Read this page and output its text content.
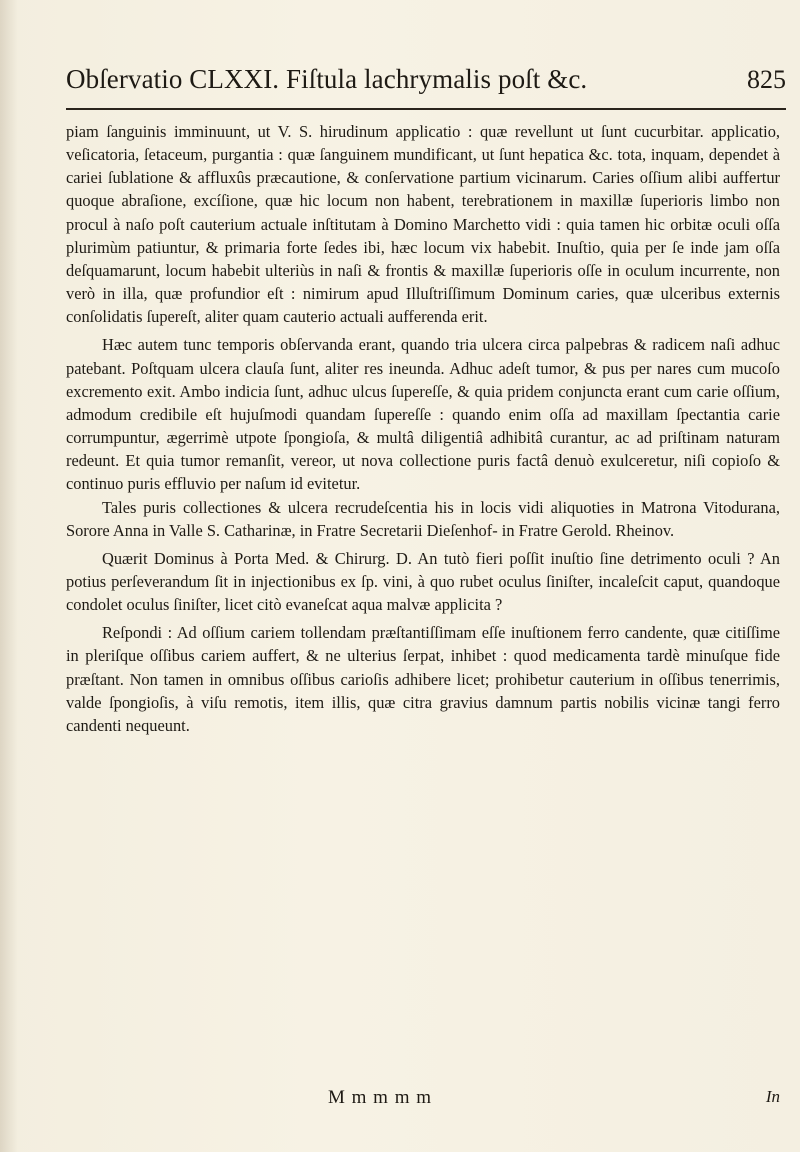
Obſervatio CLXXI. Fiſtula lachrymalis poſt &c.	825

piam ſanguinis imminuunt, ut V. S. hirudinum applicatio : quæ revellunt ut ſunt cucurbitar. applicatio, veſicatoria, ſetaceum, purgantia : quæ ſanguinem mundificant, ut ſunt hepatica &c. tota, inquam, dependet à cariei ſublatione & affluxûs præcautione, & conſervatione partium vicinarum. Caries oſſium alibi auffertur quoque abraſione, excíſione, quæ hic locum non habent, terebrationem in maxillæ ſuperioris limbo non procul à naſo poſt cauterium actuale inſtitutam à Domino Marchetto vidi : quia tamen hic orbitæ oculi oſſa plurimùm patiuntur, & primaria forte ſedes ibi, hæc locum vix habebit. Inuſtio, quia per ſe inde jam oſſa deſquamarunt, locum habebit ulteriùs in naſi & frontis & maxillæ ſuperioris oſſe in oculum incurrente, non verò in illa, quæ profundior eſt : nimirum apud Illuſtriſſimum Dominum caries, quæ ulceribus externis conſolidatis ſupereſt, aliter quam cauterio actuali aufferenda erit.

Hæc autem tunc temporis obſervanda erant, quando tria ulcera circa palpebras & radicem naſi adhuc patebant. Poſtquam ulcera clauſa ſunt, aliter res ineunda. Adhuc adeſt tumor, & pus per nares cum mucoſo excremento exit. Ambo indicia ſunt, adhuc ulcus ſupereſſe, & quia pridem conjuncta erant cum carie oſſium, admodum credibile eſt hujuſmodi quandam ſupereſſe : quando enim oſſa ad maxillam ſpectantia carie corrumpuntur, ægerrimè utpote ſpongioſa, & multâ diligentiâ adhibitâ curantur, ac ad priſtinam naturam redeunt. Et quia tumor remanſit, vereor, ut nova collectione puris factâ denuò exulceretur, niſi copioſo & continuo puris effluvio per naſum id evitetur.

Tales puris collectiones & ulcera recrudeſcentia his in locis vidi aliquoties in Matrona Vitodurana, Sorore Anna in Valle S. Catharinæ, in Fratre Secretarii Dieſenhof- in Fratre Gerold. Rheinov.

Quærit Dominus à Porta Med. & Chirurg. D. An tutò fieri poſſit inuſtio ſine detrimento oculi ? An potius perſeverandum ſit in injectionibus ex ſp. vini, à quo rubet oculus ſiniſter, incaleſcit caput, quandoque condolet oculus ſiniſter, licet citò evaneſcat aqua malvæ applicita ?

Reſpondi : Ad oſſium cariem tollendam præſtantiſſimam eſſe inuſtionem ferro candente, quæ citiſſime in pleriſque oſſibus cariem auffert, & ne ulterius ſerpat, inhibet : quod medicamenta tardè minuſque fide præſtant. Non tamen in omnibus oſſibus carioſis adhibere licet; prohibetur cauterium in oſſibus tenerrimis, valde ſpongioſis, à viſu remotis, item illis, quæ citra gravius damnum partis nobilis vicinæ tangi ferro candenti nequeunt.

M m m m m	In
